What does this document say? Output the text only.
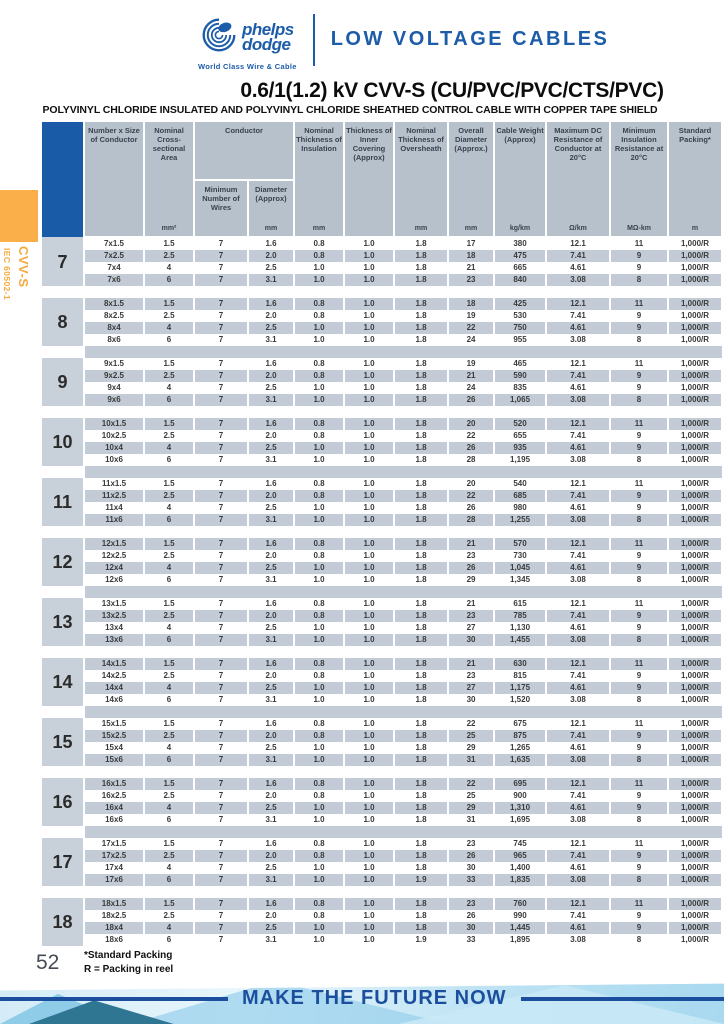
phelps
dodge
World Class Wire & Cable
LOW VOLTAGE CABLES
0.6/1(1.2) kV CVV-S (CU/PVC/PVC/CTS/PVC)
POLYVINYL CHLORIDE INSULATED AND POLYVINYL CHLORIDE SHEATHED CONTROL CABLE WITH COPPER TAPE SHIELD
CVV-S
IEC 60502-1
	Number x Size of Conductor	Nominal Cross- sectional Area	Conductor		Nominal Thickness of Insulation	Thickness of Inner Covering (Approx)	Nominal Thickness of Oversheath	Overall Diameter (Approx.)	Cable Weight (Approx)	Maximum DC Resistance of Conductor at 20°C	Minimum Insulation Resistance at 20°C	Standard Packing*
			Minimum Number of Wires	Diameter (Approx)								
		mm²		mm	mm		mm	mm	kg/km	Ω/km	MΩ-km	m
7	7x1.5	1.5	7	1.6	0.8	1.0	1.8	17	380	12.1	11	1,000/R
	7x2.5	2.5	7	2.0	0.8	1.0	1.8	18	475	7.41	9	1,000/R
	7x4	4	7	2.5	1.0	1.0	1.8	21	665	4.61	9	1,000/R
	7x6	6	7	3.1	1.0	1.0	1.8	23	840	3.08	8	1,000/R

8	8x1.5	1.5	7	1.6	0.8	1.0	1.8	18	425	12.1	11	1,000/R
	8x2.5	2.5	7	2.0	0.8	1.0	1.8	19	530	7.41	9	1,000/R
	8x4	4	7	2.5	1.0	1.0	1.8	22	750	4.61	9	1,000/R
	8x6	6	7	3.1	1.0	1.0	1.8	24	955	3.08	8	1,000/R

9	9x1.5	1.5	7	1.6	0.8	1.0	1.8	19	465	12.1	11	1,000/R
	9x2.5	2.5	7	2.0	0.8	1.0	1.8	21	590	7.41	9	1,000/R
	9x4	4	7	2.5	1.0	1.0	1.8	24	835	4.61	9	1,000/R
	9x6	6	7	3.1	1.0	1.0	1.8	26	1,065	3.08	8	1,000/R

10	10x1.5	1.5	7	1.6	0.8	1.0	1.8	20	520	12.1	11	1,000/R
	10x2.5	2.5	7	2.0	0.8	1.0	1.8	22	655	7.41	9	1,000/R
	10x4	4	7	2.5	1.0	1.0	1.8	26	935	4.61	9	1,000/R
	10x6	6	7	3.1	1.0	1.0	1.8	28	1,195	3.08	8	1,000/R

11	11x1.5	1.5	7	1.6	0.8	1.0	1.8	20	540	12.1	11	1,000/R
	11x2.5	2.5	7	2.0	0.8	1.0	1.8	22	685	7.41	9	1,000/R
	11x4	4	7	2.5	1.0	1.0	1.8	26	980	4.61	9	1,000/R
	11x6	6	7	3.1	1.0	1.0	1.8	28	1,255	3.08	8	1,000/R

12	12x1.5	1.5	7	1.6	0.8	1.0	1.8	21	570	12.1	11	1,000/R
	12x2.5	2.5	7	2.0	0.8	1.0	1.8	23	730	7.41	9	1,000/R
	12x4	4	7	2.5	1.0	1.0	1.8	26	1,045	4.61	9	1,000/R
	12x6	6	7	3.1	1.0	1.0	1.8	29	1,345	3.08	8	1,000/R

13	13x1.5	1.5	7	1.6	0.8	1.0	1.8	21	615	12.1	11	1,000/R
	13x2.5	2.5	7	2.0	0.8	1.0	1.8	23	785	7.41	9	1,000/R
	13x4	4	7	2.5	1.0	1.0	1.8	27	1,130	4.61	9	1,000/R
	13x6	6	7	3.1	1.0	1.0	1.8	30	1,455	3.08	8	1,000/R

14	14x1.5	1.5	7	1.6	0.8	1.0	1.8	21	630	12.1	11	1,000/R
	14x2.5	2.5	7	2.0	0.8	1.0	1.8	23	815	7.41	9	1,000/R
	14x4	4	7	2.5	1.0	1.0	1.8	27	1,175	4.61	9	1,000/R
	14x6	6	7	3.1	1.0	1.0	1.8	30	1,520	3.08	8	1,000/R

15	15x1.5	1.5	7	1.6	0.8	1.0	1.8	22	675	12.1	11	1,000/R
	15x2.5	2.5	7	2.0	0.8	1.0	1.8	25	875	7.41	9	1,000/R
	15x4	4	7	2.5	1.0	1.0	1.8	29	1,265	4.61	9	1,000/R
	15x6	6	7	3.1	1.0	1.0	1.8	31	1,635	3.08	8	1,000/R

16	16x1.5	1.5	7	1.6	0.8	1.0	1.8	22	695	12.1	11	1,000/R
	16x2.5	2.5	7	2.0	0.8	1.0	1.8	25	900	7.41	9	1,000/R
	16x4	4	7	2.5	1.0	1.0	1.8	29	1,310	4.61	9	1,000/R
	16x6	6	7	3.1	1.0	1.0	1.8	31	1,695	3.08	8	1,000/R

17	17x1.5	1.5	7	1.6	0.8	1.0	1.8	23	745	12.1	11	1,000/R
	17x2.5	2.5	7	2.0	0.8	1.0	1.8	26	965	7.41	9	1,000/R
	17x4	4	7	2.5	1.0	1.0	1.8	30	1,400	4.61	9	1,000/R
	17x6	6	7	3.1	1.0	1.0	1.9	33	1,835	3.08	8	1,000/R

18	18x1.5	1.5	7	1.6	0.8	1.0	1.8	23	760	12.1	11	1,000/R
	18x2.5	2.5	7	2.0	0.8	1.0	1.8	26	990	7.41	9	1,000/R
	18x4	4	7	2.5	1.0	1.0	1.8	30	1,445	4.61	9	1,000/R
	18x6	6	7	3.1	1.0	1.0	1.9	33	1,895	3.08	8	1,000/R
52 *Standard Packing
R = Packing in reel
MAKE THE FUTURE NOW
